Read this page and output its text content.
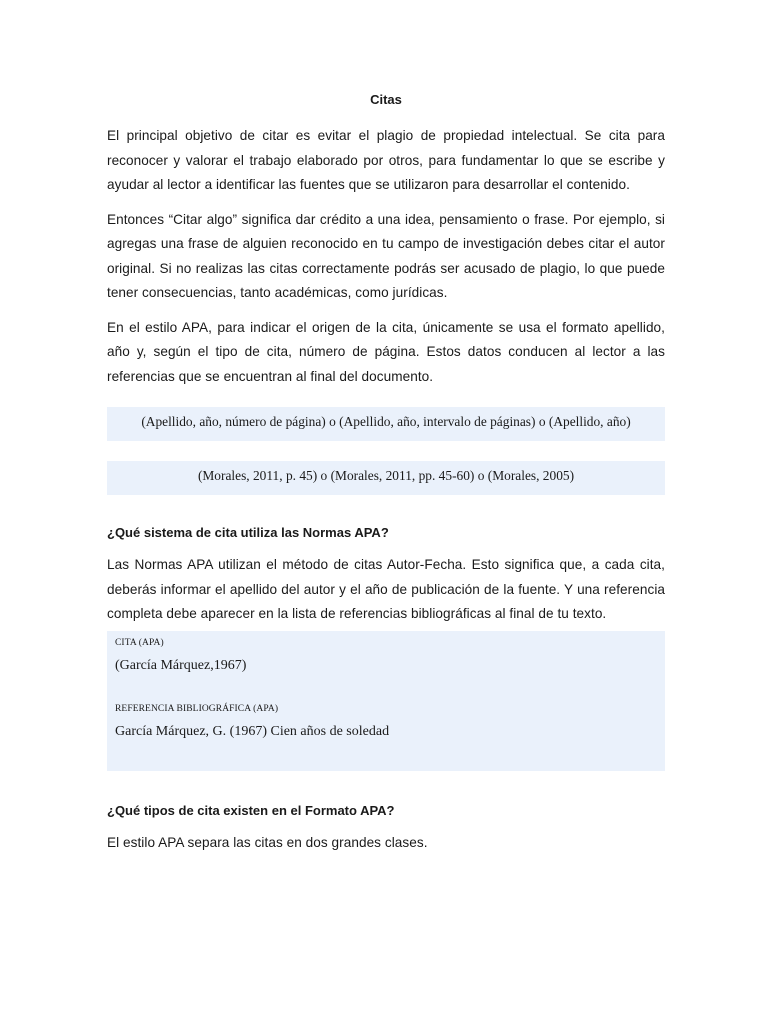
Citas

El principal objetivo de citar es evitar el plagio de propiedad intelectual. Se cita para reconocer y valorar el trabajo elaborado por otros, para fundamentar lo que se escribe y ayudar al lector a identificar las fuentes que se utilizaron para desarrollar el contenido.

Entonces “Citar algo” significa dar crédito a una idea, pensamiento o frase. Por ejemplo, si agregas una frase de alguien reconocido en tu campo de investigación debes citar el autor original. Si no realizas las citas correctamente podrás ser acusado de plagio, lo que puede tener consecuencias, tanto académicas, como jurídicas.

En el estilo APA, para indicar el origen de la cita, únicamente se usa el formato apellido, año y, según el tipo de cita, número de página. Estos datos conducen al lector a las referencias que se encuentran al final del documento.

(Apellido, año, número de página) o (Apellido, año, intervalo de páginas) o (Apellido, año)
(Morales, 2011, p. 45) o (Morales, 2011, pp. 45-60) o (Morales, 2005)

¿Qué sistema de cita utiliza las Normas APA?

Las Normas APA utilizan el método de citas Autor-Fecha. Esto significa que, a cada cita, deberás informar el apellido del autor y el año de publicación de la fuente. Y una referencia completa debe aparecer en la lista de referencias bibliográficas al final de tu texto.

CITA (APA)
(García Márquez,1967)
REFERENCIA BIBLIOGRÁFICA (APA)
García Márquez, G. (1967) Cien años de soledad

¿Qué tipos de cita existen en el Formato APA?

El estilo APA separa las citas en dos grandes clases.
